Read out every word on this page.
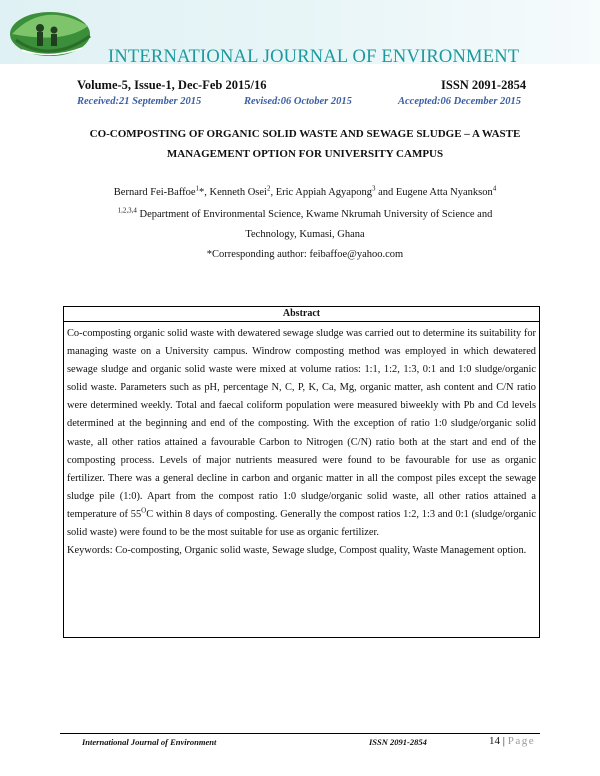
INTERNATIONAL JOURNAL OF ENVIRONMENT
Volume-5, Issue-1, Dec-Feb 2015/16	ISSN 2091-2854
Received:21 September 2015	Revised:06 October 2015	Accepted:06 December 2015
CO-COMPOSTING OF ORGANIC SOLID WASTE AND SEWAGE SLUDGE – A WASTE
MANAGEMENT OPTION FOR UNIVERSITY CAMPUS
Bernard Fei-Baffoe$^1$*, Kenneth Osei$^2$, Eric Appiah Agyapong$^3$ and Eugene Atta Nyankson$^4$
$^{1,2,3,4}$ Department of Environmental Science, Kwame Nkrumah University of Science and
Technology, Kumasi, Ghana
*Corresponding author: feibaffoe@yahoo.com
Abstract
Co-composting organic solid waste with dewatered sewage sludge was carried out to determine its suitability for managing waste on a University campus. Windrow composting method was employed in which dewatered sewage sludge and organic solid waste were mixed at volume ratios: 1:1, 1:2, 1:3, 0:1 and 1:0 sludge/organic solid waste. Parameters such as pH, percentage N, C, P, K, Ca, Mg, organic matter, ash content and C/N ratio were determined weekly. Total and faecal coliform population were measured biweekly with Pb and Cd levels determined at the beginning and end of the composting. With the exception of ratio 1:0 sludge/organic solid waste, all other ratios attained a favourable Carbon to Nitrogen (C/N) ratio both at the start and end of the composting process. Levels of major nutrients measured were found to be favourable for use as organic fertilizer. There was a general decline in carbon and organic matter in all the compost piles except the sewage sludge pile (1:0). Apart from the compost ratio 1:0 sludge/organic solid waste, all other ratios attained a temperature of $55^OC$ within 8 days of composting. Generally the compost ratios 1:2, 1:3 and 0:1 (sludge/organic solid waste) were found to be the most suitable for use as organic fertilizer.
Keywords: Co-composting, Organic solid waste, Sewage sludge, Compost quality, Waste Management option.
International Journal of Environment	ISSN 2091-2854	14 | Page
